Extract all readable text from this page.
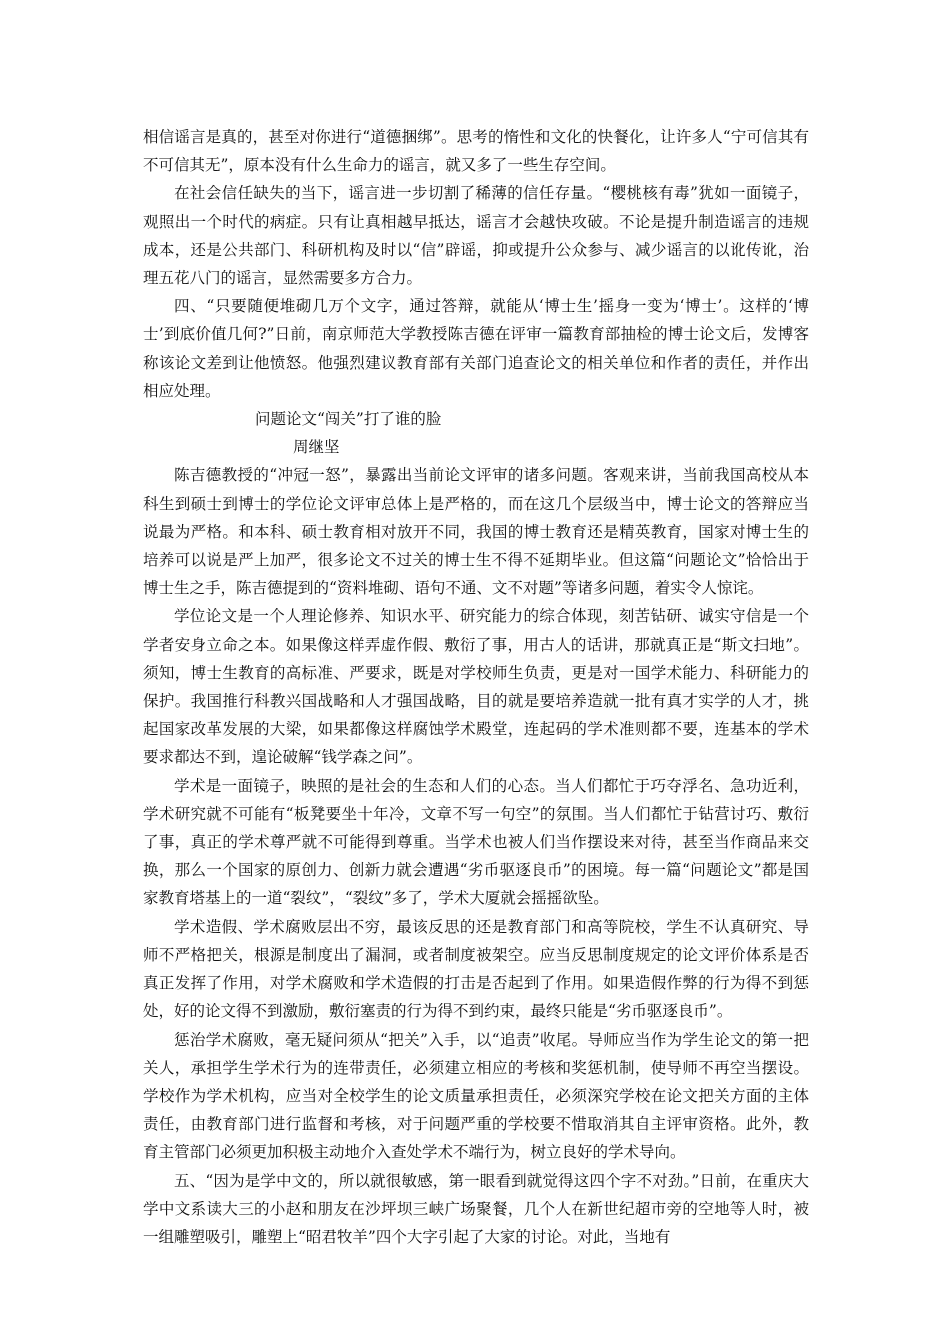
相信谣言是真的，甚至对你进行“道德捆绑”。思考的惰性和文化的快餐化，让许多人“宁可信其有不可信其无”，原本没有什么生命力的谣言，就又多了一些生存空间。

在社会信任缺失的当下，谣言进一步切割了稀薄的信任存量。“樱桃核有毒”犹如一面镜子，观照出一个时代的病症。只有让真相越早抵达，谣言才会越快攻破。不论是提升制造谣言的违规成本，还是公共部门、科研机构及时以“信”辟谣，抑或提升公众参与、减少谣言的以讹传讹，治理五花八门的谣言，显然需要多方合力。

四、“只要随便堆砌几万个文字，通过答辩，就能从‘博士生’摇身一变为‘博士’。这样的‘博士’到底价值几何?”日前，南京师范大学教授陈吉德在评审一篇教育部抽检的博士论文后，发博客称该论文差到让他愤怒。他强烈建议教育部有关部门追查论文的相关单位和作者的责任，并作出相应处理。

问题论文“闯关”打了谁的脸

周继坚

陈吉德教授的“冲冠一怒”，暴露出当前论文评审的诸多问题。客观来讲，当前我国高校从本科生到硕士到博士的学位论文评审总体上是严格的，而在这几个层级当中，博士论文的答辩应当说最为严格。和本科、硕士教育相对放开不同，我国的博士教育还是精英教育，国家对博士生的培养可以说是严上加严，很多论文不过关的博士生不得不延期毕业。但这篇“问题论文”恰恰出于博士生之手，陈吉德提到的“资料堆砌、语句不通、文不对题”等诸多问题，着实令人惊诧。

学位论文是一个人理论修养、知识水平、研究能力的综合体现，刻苦钻研、诚实守信是一个学者安身立命之本。如果像这样弄虚作假、敷衍了事，用古人的话讲，那就真正是“斯文扫地”。须知，博士生教育的高标准、严要求，既是对学校师生负责，更是对一国学术能力、科研能力的保护。我国推行科教兴国战略和人才强国战略，目的就是要培养造就一批有真才实学的人才，挑起国家改革发展的大梁，如果都像这样腐蚀学术殿堂，连起码的学术准则都不要，连基本的学术要求都达不到，遑论破解“钱学森之问”。

学术是一面镜子，映照的是社会的生态和人们的心态。当人们都忙于巧夺浮名、急功近利，学术研究就不可能有“板凳要坐十年冷，文章不写一句空”的氛围。当人们都忙于钻营讨巧、敷衍了事，真正的学术尊严就不可能得到尊重。当学术也被人们当作摆设来对待，甚至当作商品来交换，那么一个国家的原创力、创新力就会遭遇“劣币驱逐良币”的困境。每一篇“问题论文”都是国家教育塔基上的一道“裂纹”，“裂纹”多了，学术大厦就会摇摇欲坠。

学术造假、学术腐败层出不穷，最该反思的还是教育部门和高等院校，学生不认真研究、导师不严格把关，根源是制度出了漏洞，或者制度被架空。应当反思制度规定的论文评价体系是否真正发挥了作用，对学术腐败和学术造假的打击是否起到了作用。如果造假作弊的行为得不到惩处，好的论文得不到激励，敷衍塞责的行为得不到约束，最终只能是“劣币驱逐良币”。

惩治学术腐败，毫无疑问须从“把关”入手，以“追责”收尾。导师应当作为学生论文的第一把关人，承担学生学术行为的连带责任，必须建立相应的考核和奖惩机制，使导师不再空当摆设。学校作为学术机构，应当对全校学生的论文质量承担责任，必须深究学校在论文把关方面的主体责任，由教育部门进行监督和考核，对于问题严重的学校要不惜取消其自主评审资格。此外，教育主管部门必须更加积极主动地介入查处学术不端行为，树立良好的学术导向。

五、“因为是学中文的，所以就很敏感，第一眼看到就觉得这四个字不对劲。”日前，在重庆大学中文系读大三的小赵和朋友在沙坪坝三峡广场聚餐，几个人在新世纪超市旁的空地等人时，被一组雕塑吸引，雕塑上“昭君牧羊”四个大字引起了大家的讨论。对此，当地有
